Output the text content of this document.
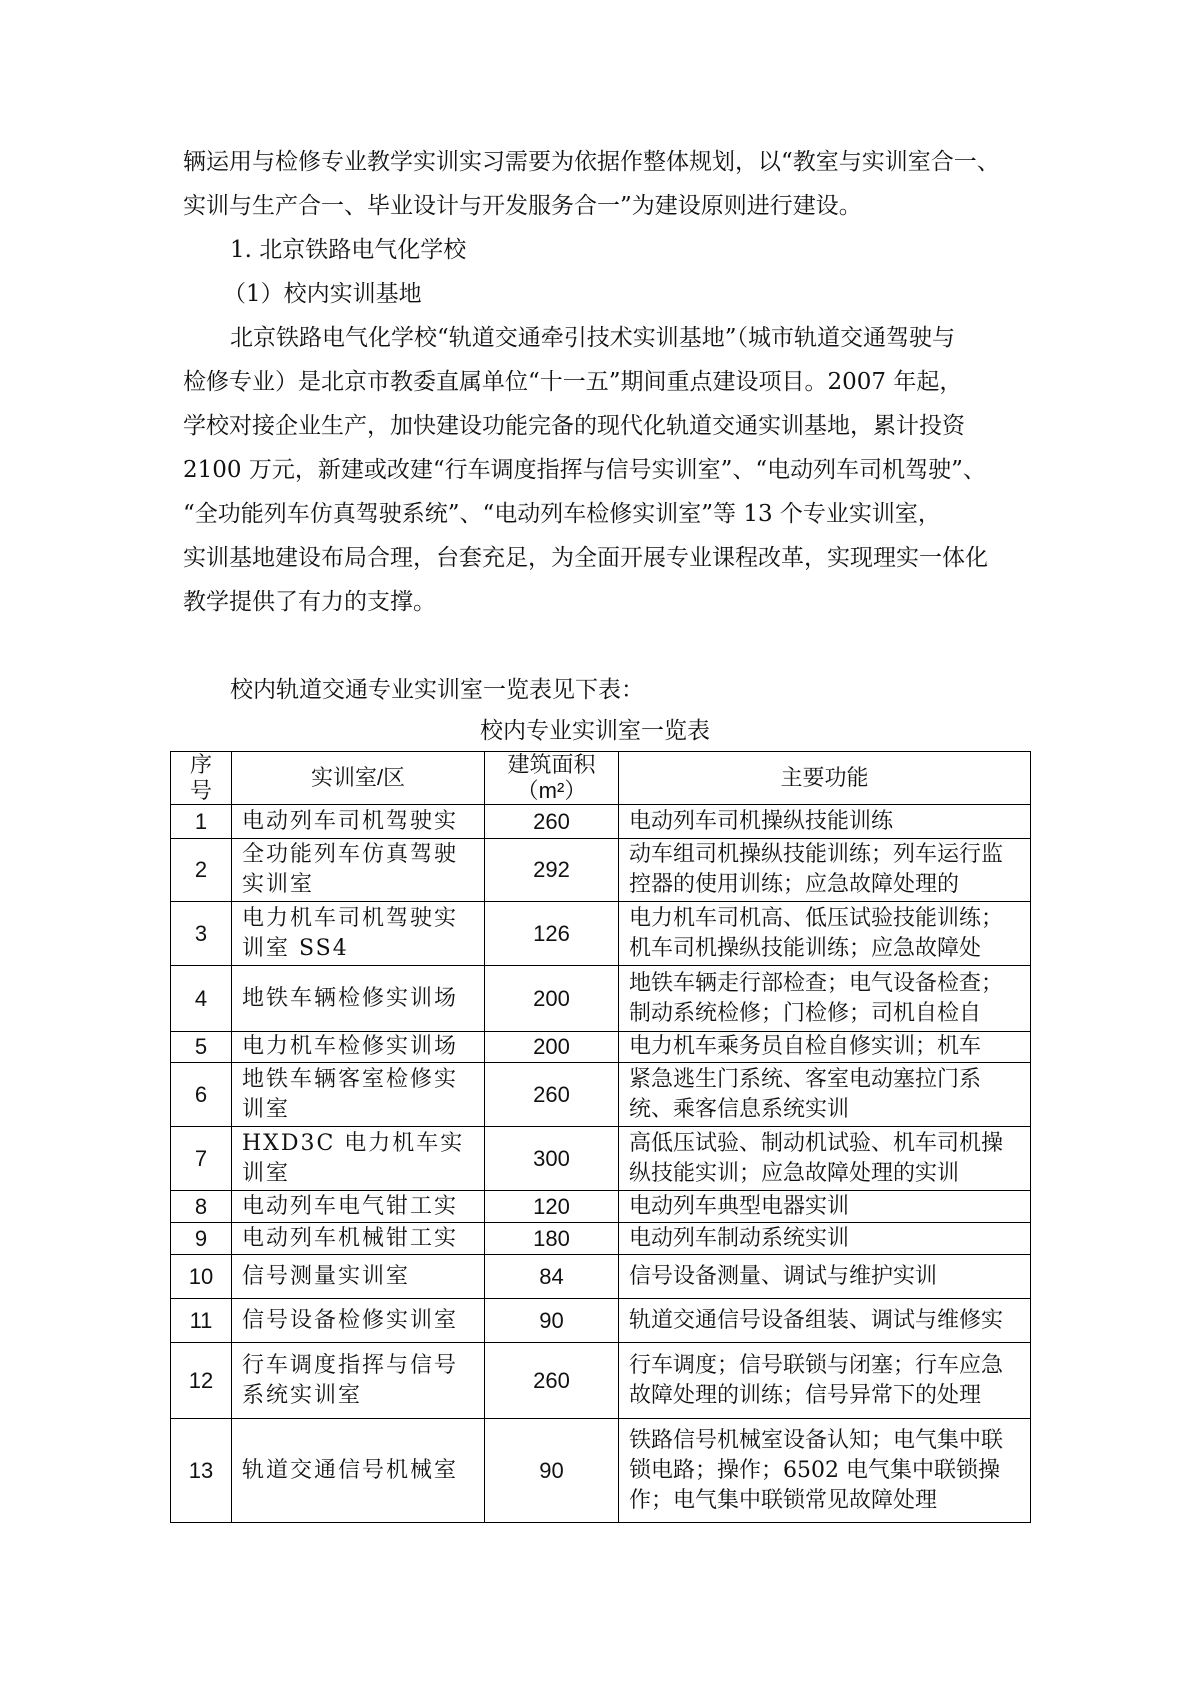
辆运用与检修专业教学实训实习需要为依据作整体规划，以“教室与实训室合一、
实训与生产合一、毕业设计与开发服务合一”为建设原则进行建设。

1. 北京铁路电气化学校

（1）校内实训基地

北京铁路电气化学校“轨道交通牵引技术实训基地”（城市轨道交通驾驶与
检修专业）是北京市教委直属单位“十一五”期间重点建设项目。2007 年起，
学校对接企业生产，加快建设功能完备的现代化轨道交通实训基地，累计投资
2100 万元，新建或改建“行车调度指挥与信号实训室”、“电动列车司机驾驶”、
“全功能列车仿真驾驶系统”、“电动列车检修实训室”等 13 个专业实训室，
实训基地建设布局合理，台套充足，为全面开展专业课程改革，实现理实一体化
教学提供了有力的支撑。

校内轨道交通专业实训室一览表见下表：

校内专业实训室一览表
序号	实训室/区	建筑面积（m²）	主要功能
1	电动列车司机驾驶实	260	电动列车司机操纵技能训练
2	全功能列车仿真驾驶实训室	292	动车组司机操纵技能训练；列车运行监控器的使用训练；应急故障处理的
3	电力机车司机驾驶实训室 SS4	126	电力机车司机高、低压试验技能训练；机车司机操纵技能训练；应急故障处
4	地铁车辆检修实训场	200	地铁车辆走行部检查；电气设备检查；制动系统检修；门检修；司机自检自
5	电力机车检修实训场	200	电力机车乘务员自检自修实训；机车
6	地铁车辆客室检修实训室	260	紧急逃生门系统、客室电动塞拉门系统、乘客信息系统实训
7	HXD3C 电力机车实训室	300	高低压试验、制动机试验、机车司机操纵技能实训；应急故障处理的实训
8	电动列车电气钳工实	120	电动列车典型电器实训
9	电动列车机械钳工实	180	电动列车制动系统实训
10	信号测量实训室	84	信号设备测量、调试与维护实训
11	信号设备检修实训室	90	轨道交通信号设备组装、调试与维修实
12	行车调度指挥与信号系统实训室	260	行车调度；信号联锁与闭塞；行车应急故障处理的训练；信号异常下的处理
13	轨道交通信号机械室	90	铁路信号机械室设备认知；电气集中联锁电路；操作；6502 电气集中联锁操作；电气集中联锁常见故障处理
